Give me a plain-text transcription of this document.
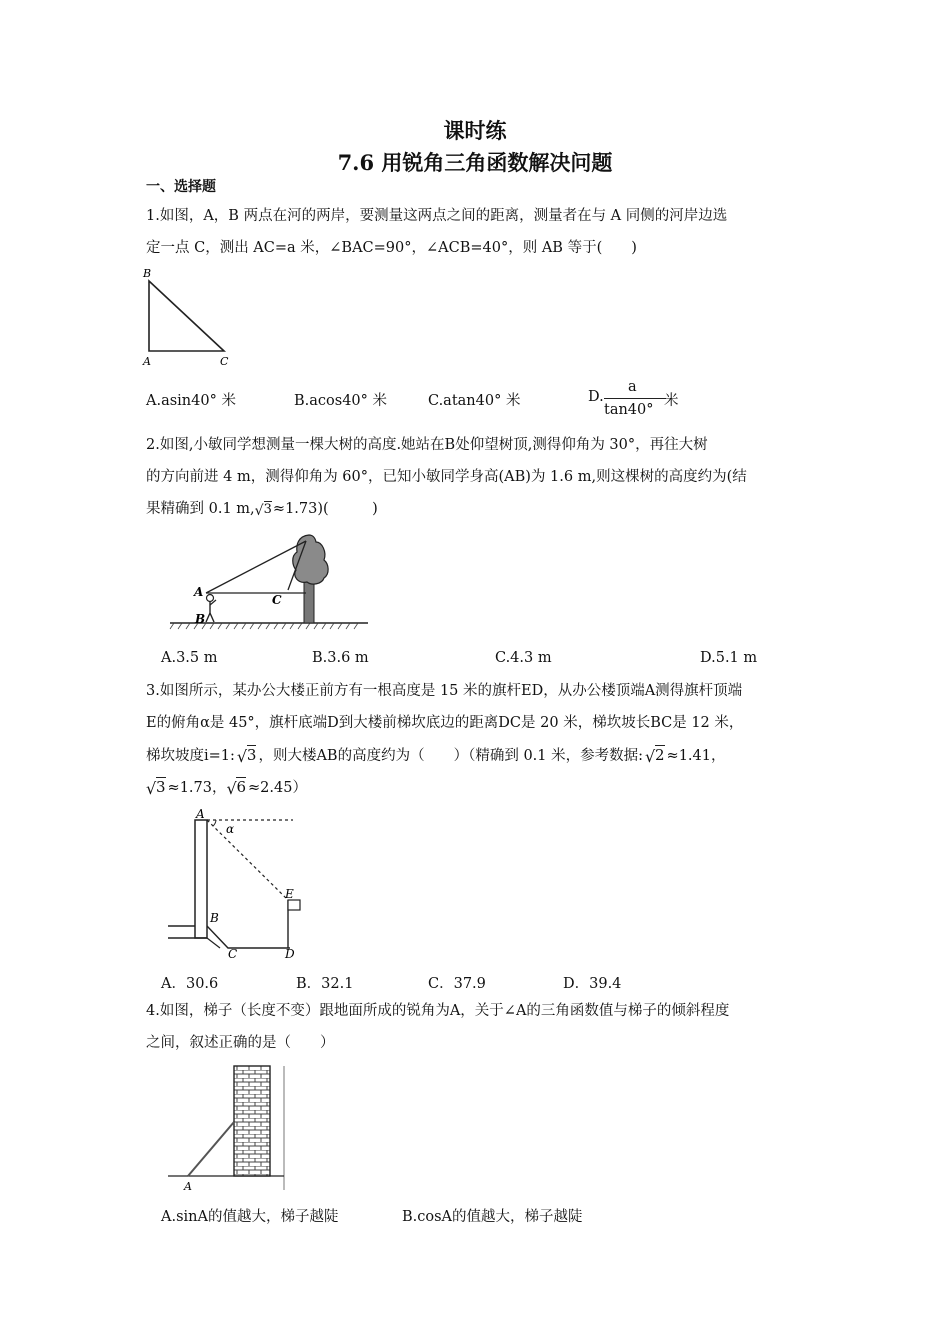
课时练
7.6 用锐角三角函数解决问题
一、选择题
1.如图，A，B 两点在河的两岸，要测量这两点之间的距离，测量者在与 A 同侧的河岸边选
定一点 C，测出 AC=a 米，∠BAC=90°，∠ACB=40°，则 AB 等于(　　)
B
A	C
A.asin40° 米	B.acos40° 米	C.atan40° 米	D.
a
tan40°
米
2.如图,小敏同学想测量一棵大树的高度.她站在B处仰望树顶,测得仰角为 30°，再往大树
的方向前进 4 m，测得仰角为 60°，已知小敏同学身高(AB)为 1.6 m,则这棵树的高度约为(结
果精确到 0.1 m, √ 3≈1.73)(　　　)
A
B
C
A.3.5 m	B.3.6 m	C.4.3 m	D.5.1 m
3.如图所示，某办公大楼正前方有一根高度是 15 米的旗杆ED，从办公楼顶端A测得旗杆顶端
E的俯角α是 45°，旗杆底端D到大楼前梯坎底边的距离DC是 20 米，梯坎坡长BC是 12 米，
梯坎坡度i=1: √ 3 ，则大楼AB的高度约为（　　）（精确到 0.1 米，参考数据: √ 2 ≈1.41，
√ 3 ≈1.73， √ 6 ≈2.45）
A
α
E
B
C	D
A．30.6	B．32.1	C．37.9	D．39.4
4.如图，梯子（长度不变）跟地面所成的锐角为A，关于∠A的三角函数值与梯子的倾斜程度
之间，叙述正确的是（　　）
A
A.sinA的值越大，梯子越陡	B.cosA的值越大，梯子越陡
